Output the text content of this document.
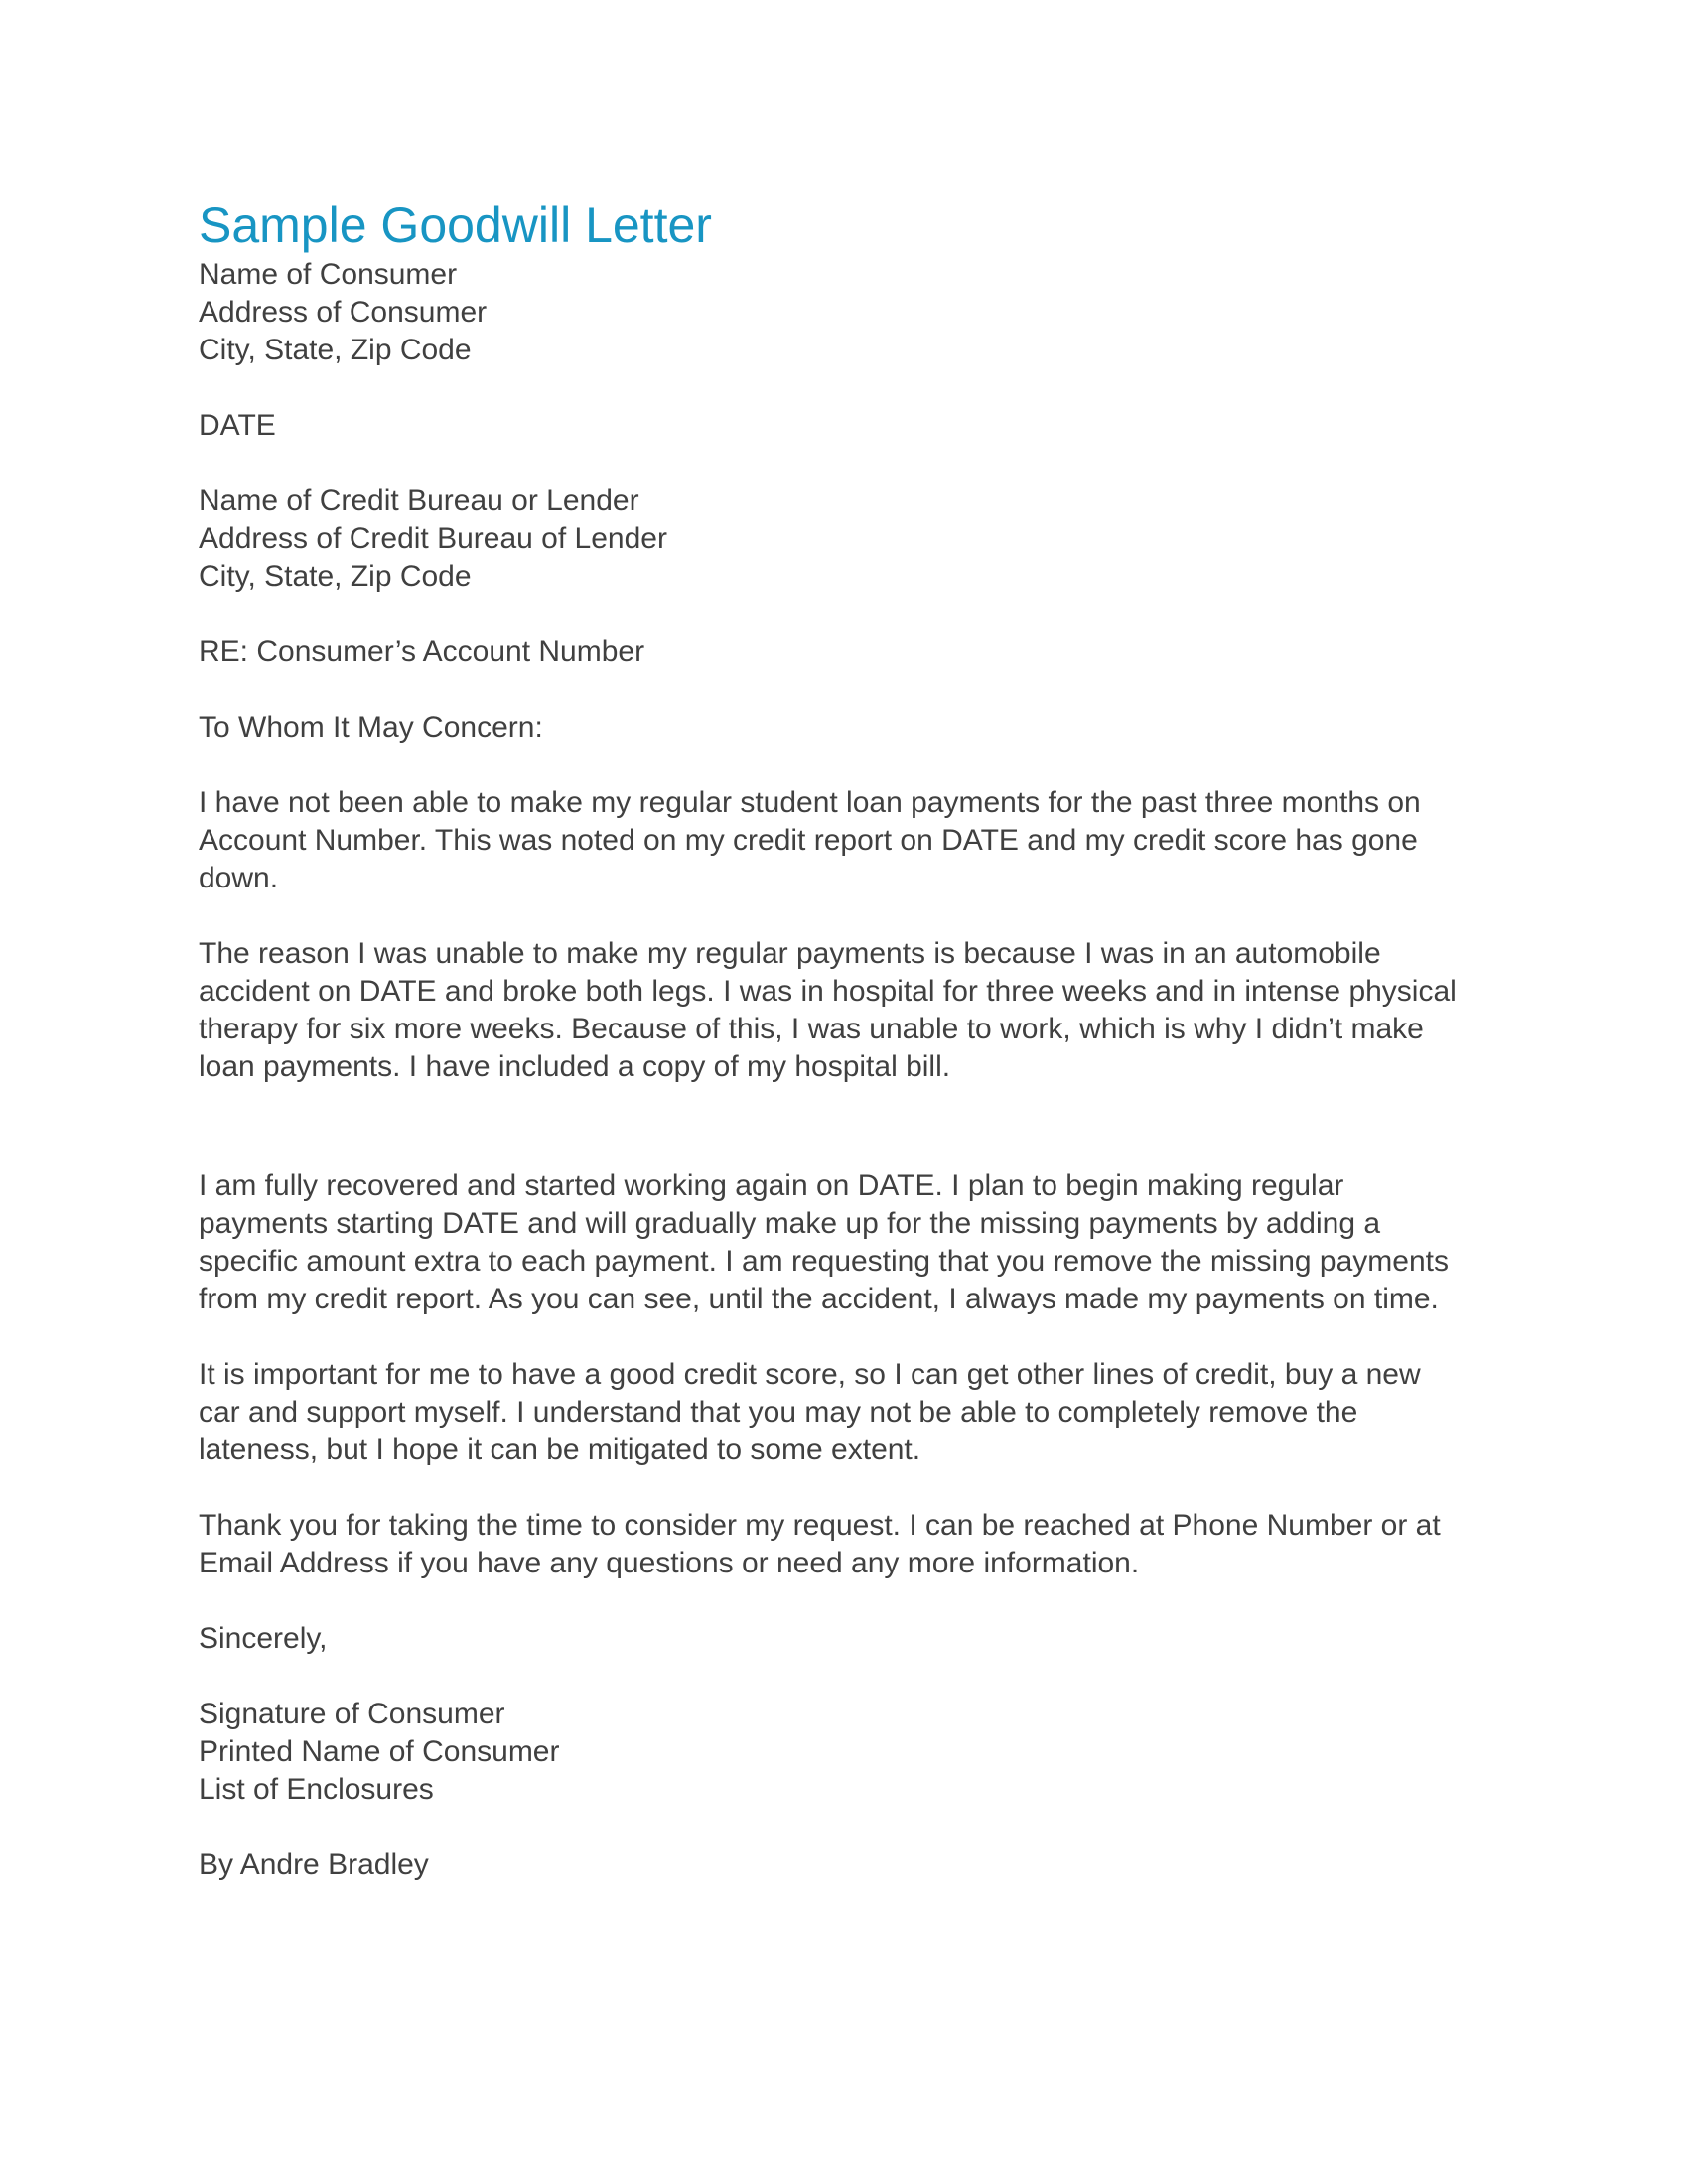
Sample Goodwill Letter
Name of Consumer
Address of Consumer
City, State, Zip Code
DATE
Name of Credit Bureau or Lender
Address of Credit Bureau of Lender
City, State, Zip Code
RE: Consumer’s Account Number
To Whom It May Concern:
I have not been able to make my regular student loan payments for the past three months on
Account Number. This was noted on my credit report on DATE and my credit score has gone
down.
The reason I was unable to make my regular payments is because I was in an automobile
accident on DATE and broke both legs. I was in hospital for three weeks and in intense physical
therapy for six more weeks. Because of this, I was unable to work, which is why I didn’t make
loan payments. I have included a copy of my hospital bill.
I am fully recovered and started working again on DATE. I plan to begin making regular
payments starting DATE and will gradually make up for the missing payments by adding a
specific amount extra to each payment. I am requesting that you remove the missing payments
from my credit report. As you can see, until the accident, I always made my payments on time.
It is important for me to have a good credit score, so I can get other lines of credit, buy a new
car and support myself. I understand that you may not be able to completely remove the
lateness, but I hope it can be mitigated to some extent.
Thank you for taking the time to consider my request. I can be reached at Phone Number or at
Email Address if you have any questions or need any more information.
Sincerely,
Signature of Consumer
Printed Name of Consumer
List of Enclosures
By Andre Bradley
